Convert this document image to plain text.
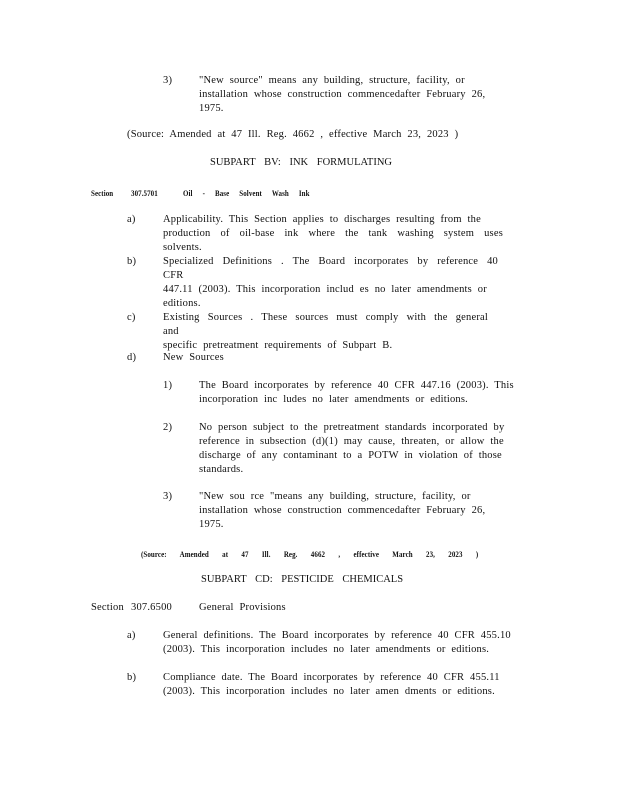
3)	"New source" means any building, structure, facility, or
installation whose construction commencedafter February 26,
1975.
(Source: Amended at 47 Ill. Reg. 4662 , effective March 23, 2023 )
SUBPART BV: INK FORMULATING
Section 307.5701	Oil - Base Solvent Wash Ink
a)	Applicability. This Section applies to discharges resulting from the
production of oil-base ink where the tank washing system uses solvents.
b)	Specialized Definitions . The Board incorporates by reference 40 CFR
447.11 (2003). This incorporation includ es no later amendments or
editions.
c)	Existing Sources . These sources must comply with the general and
specific pretreatment requirements of Subpart B.
d)	New Sources
1)	The Board incorporates by reference 40 CFR 447.16 (2003). This
incorporation inc ludes no later amendments or editions.
2)	No person subject to the pretreatment standards incorporated by
reference in subsection (d)(1) may cause, threaten, or allow the
discharge of any contaminant to a POTW in violation of those
standards.
3)	"New sou rce "means any building, structure, facility, or
installation whose construction commencedafter February 26,
1975.
(Source: Amended at 47 Ill. Reg. 4662 , effective March 23, 2023 )
SUBPART CD: PESTICIDE CHEMICALS
Section 307.6500	General Provisions
a)	General definitions. The Board incorporates by reference 40 CFR 455.10
(2003). This incorporation includes no later amendments or editions.
b)	Compliance date. The Board incorporates by reference 40 CFR 455.11
(2003). This incorporation includes no later amen dments or editions.
